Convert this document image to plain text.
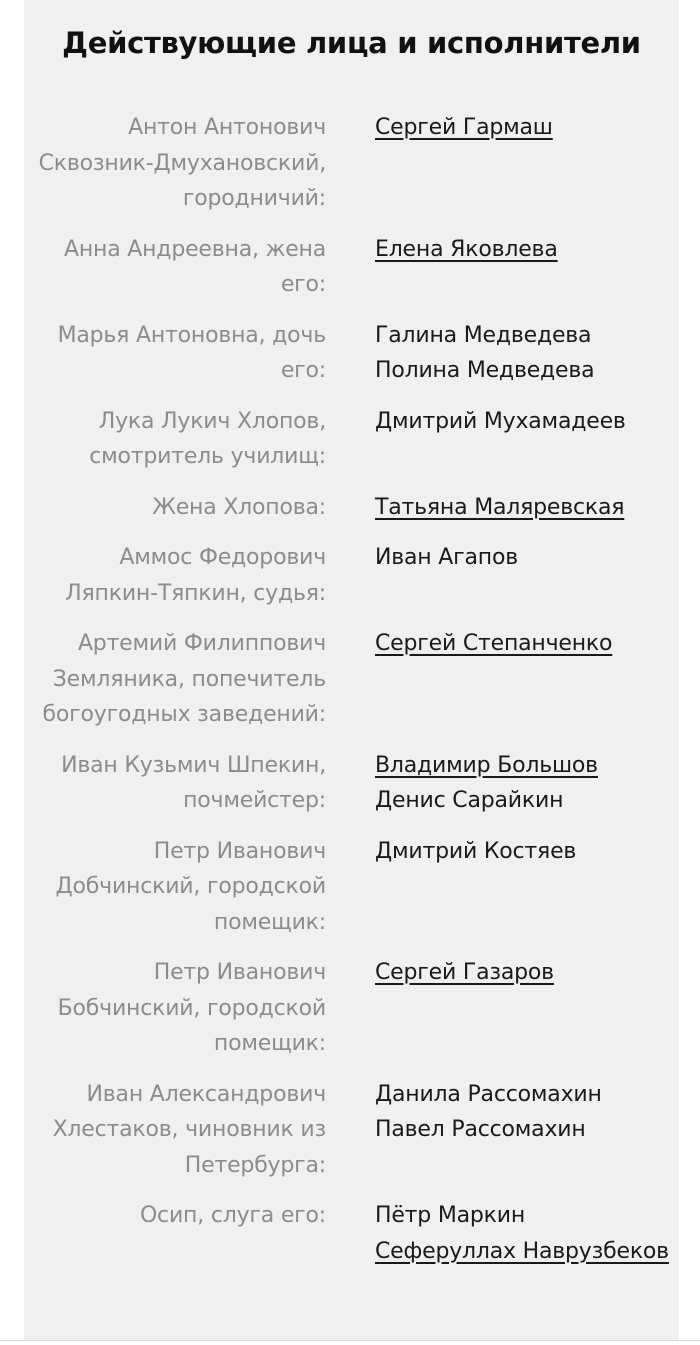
Действующие лица и исполнители
Антон Антонович Сквозник-Дмухановский, городничий:
Сергей Гармаш
Анна Андреевна, жена его:
Елена Яковлева
Марья Антоновна, дочь его:
Галина Медведева
Полина Медведева
Лука Лукич Хлопов, смотритель училищ:
Дмитрий Мухамадеев
Жена Хлопова: Татьяна Маляревская
Аммос Федорович Ляпкин-Тяпкин, судья:
Иван Агапов
Артемий Филиппович Земляника, попечитель богоугодных заведений:
Сергей Степанченко
Иван Кузьмич Шпекин, почмейстер:
Владимир Большов
Денис Сарайкин
Петр Иванович Добчинский, городской помещик:
Дмитрий Костяев
Петр Иванович Бобчинский, городской помещик:
Сергей Газаров
Иван Александрович Хлестаков, чиновник из Петербурга:
Данила Рассомахин
Павел Рассомахин
Осип, слуга его: Пётр Маркин
Сеферуллах Наврузбеков
